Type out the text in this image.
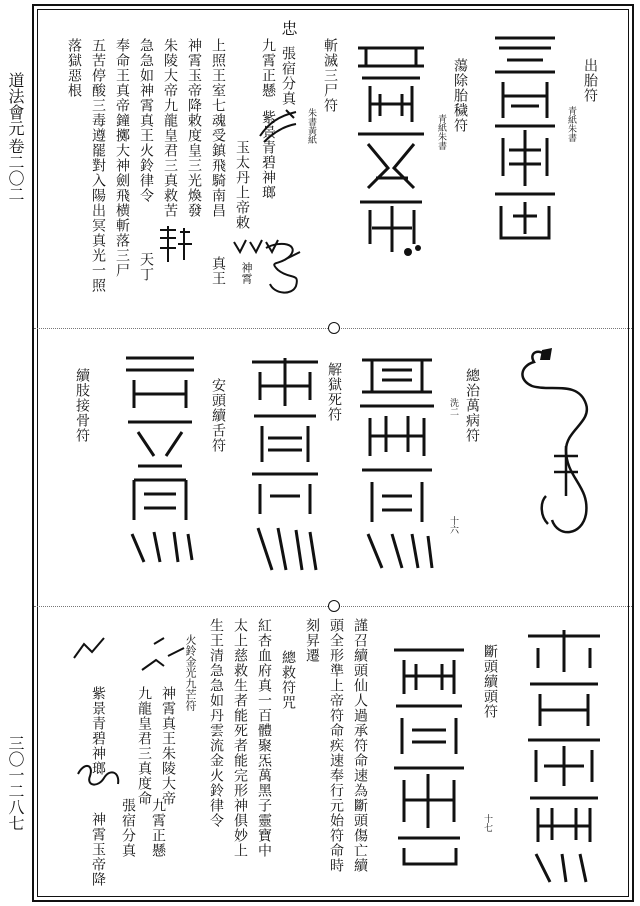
道法會元
卷二〇二
三〇一二八七
出胎符
青紙朱書
蕩除胎穢符
青紙朱書
斬滅三尸符
朱書黃紙
忠
張宿分真
九霄正懸
紫景青碧神瑯
玉太丹上帝敕
上照王室七魂受鎮飛騎南昌
神霄玉帝降敕度皇三光煥發
真王 神霄
朱陵大帝九龍皇君三真救苦
急急如神霄真王火鈴律令
天丁
奉命王真帝鐘擲大神劍飛横斬落三尸
五苦停酸三毒遵罷對入陽出冥真光一照
落獄惡根
總治萬病符
洗二
十六
解獄死符
安頭續舌符
續肢接骨符
斷頭續頭符
十七
謹召續頭仙人過承符命速為斷頭傷亡續
頭全形準上帝符命疾速奉行元始符命時
刻昇遷
總救符咒
紅杏血府真一百體聚炁萬黑子靈寶中
太上慈救生者能死者能完形神俱妙上
生王清急急如丹雲流金火鈴律令
火鈴金光九芒符
神霄真王朱陵大帝
九龍皇君三真度命
紫景青碧神瑯
張宿分真 九霄正懸
神霄玉帝降
